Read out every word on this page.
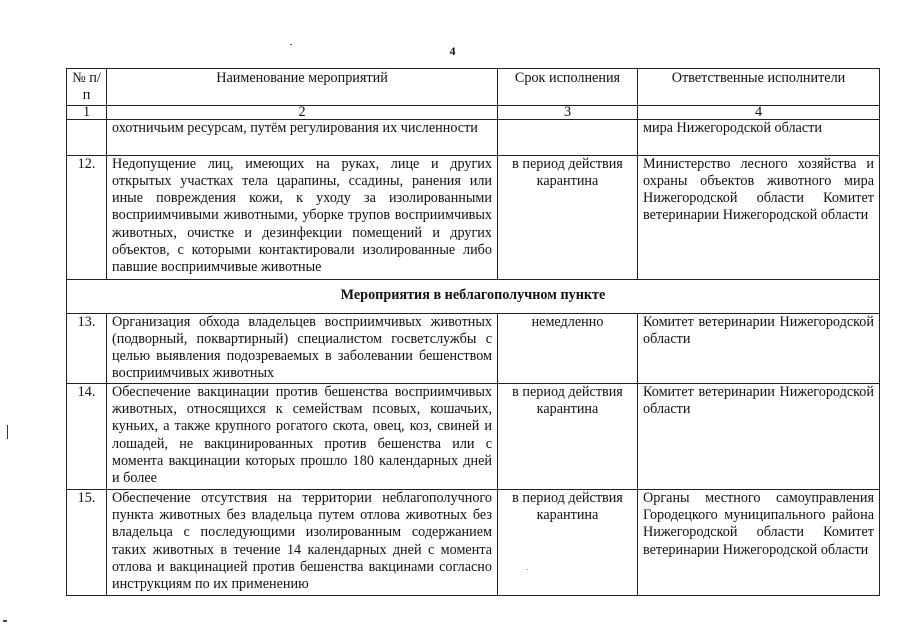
4
№ п/п	Наименование мероприятий	Срок исполнения	Ответственные исполнители
1	2	3	4
	охотничьим ресурсам, путём регулирования их численности		мира Нижегородской области
12.	Недопущение лиц, имеющих на руках, лице и других открытых участках тела царапины, ссадины, ранения или иные повреждения кожи, к уходу за изолированными восприимчивыми животными, уборке трупов восприимчивых животных, очистке и дезинфекции помещений и других объектов, с которыми контактировали изолированные либо павшие восприимчивые животные	в период действия карантина	Министерство лесного хозяйства и охраны объектов животного мира Нижегородской области Комитет ветеринарии Нижегородской области
Мероприятия в неблагополучном пункте			
13.	Организация обхода владельцев восприимчивых животных (подворный, поквартирный) специалистом госветслужбы с целью выявления подозреваемых в заболевании бешенством восприимчивых животных	немедленно	Комитет ветеринарии Нижегородской области
14.	Обеспечение вакцинации против бешенства восприимчивых животных, относящихся к семействам псовых, кошачьих, куньих, а также крупного рогатого скота, овец, коз, свиней и лошадей, не вакцинированных против бешенства или с момента вакцинации которых прошло 180 календарных дней и более	в период действия карантина	Комитет ветеринарии Нижегородской области
15.	Обеспечение отсутствия на территории неблагополучного пункта животных без владельца путем отлова животных без владельца с последующими изолированным содержанием таких животных в течение 14 календарных дней с момента отлова и вакцинацией против бешенства вакцинами согласно инструкциям по их применению	в период действия карантина	Органы местного самоуправления Городецкого муниципального района Нижегородской области Комитет ветеринарии Нижегородской области
